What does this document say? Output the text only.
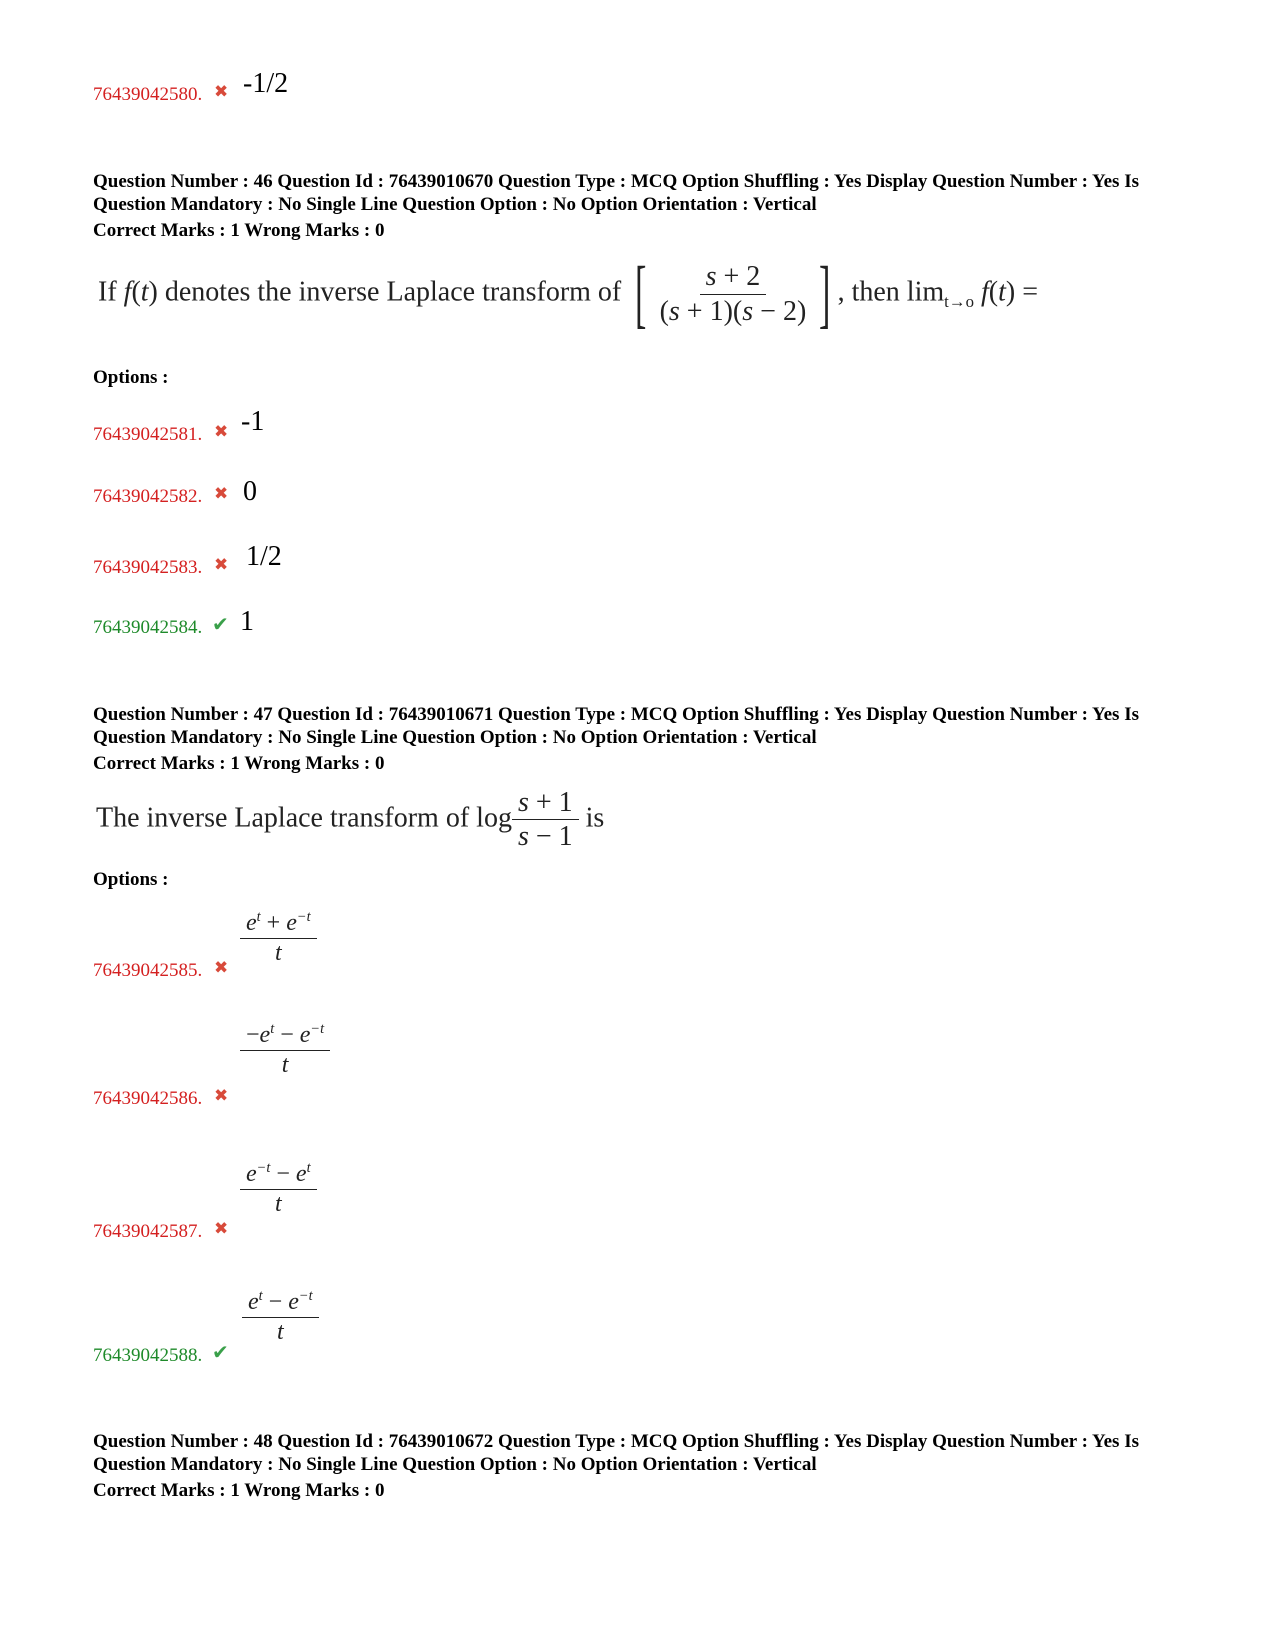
76439042580. ✖ -1/2
Question Number : 46 Question Id : 76439010670 Question Type : MCQ Option Shuffling : Yes Display Question Number : Yes Is Question Mandatory : No Single Line Question Option : No Option Orientation : Vertical
Correct Marks : 1 Wrong Marks : 0
If f(t) denotes the inverse Laplace transform of [ $\frac{s + 2}{(s + 1)(s - 2)}$ ] , then $\lim_{t\to o} f(t)$ =
Options :
76439042581. ✖ -1
76439042582. ✖ 0
76439042583. ✖ 1/2
76439042584. ✔ 1
Question Number : 47 Question Id : 76439010671 Question Type : MCQ Option Shuffling : Yes Display Question Number : Yes Is Question Mandatory : No Single Line Question Option : No Option Orientation : Vertical
Correct Marks : 1 Wrong Marks : 0
The inverse Laplace transform of $\log \frac{s + 1}{s - 1}$ is
Options :
$\frac{e^t + e^{-t}}{t}$
76439042585. ✖
$\frac{-e^t - e^{-t}}{t}$
76439042586. ✖
$\frac{e^{-t} - e^t}{t}$
76439042587. ✖
$\frac{e^t - e^{-t}}{t}$
76439042588. ✔
Question Number : 48 Question Id : 76439010672 Question Type : MCQ Option Shuffling : Yes Display Question Number : Yes Is Question Mandatory : No Single Line Question Option : No Option Orientation : Vertical
Correct Marks : 1 Wrong Marks : 0
